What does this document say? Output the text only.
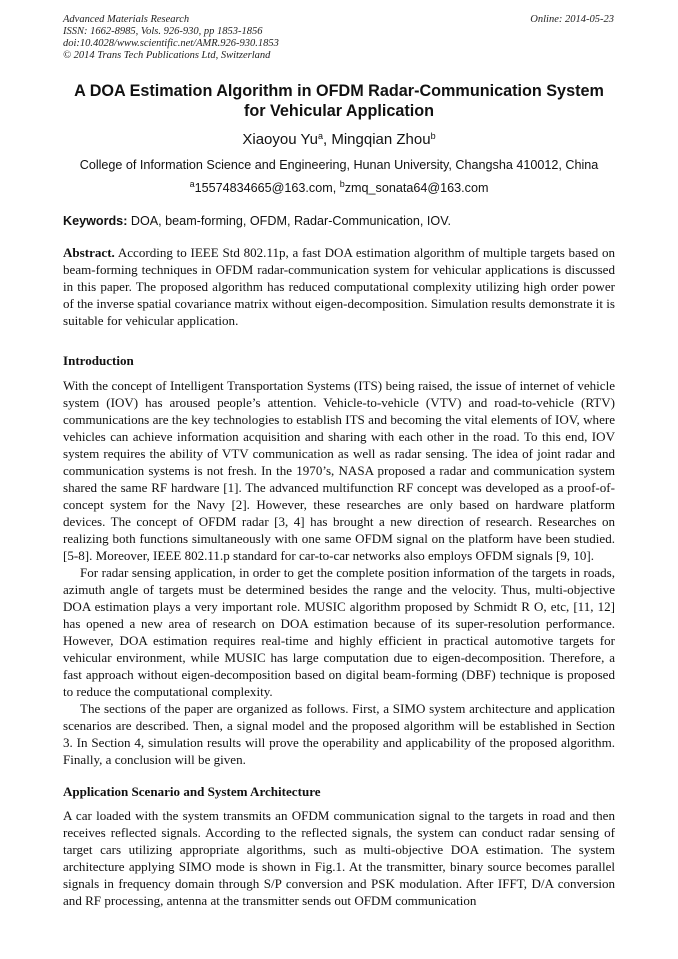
Advanced Materials Research
ISSN: 1662-8985, Vols. 926-930, pp 1853-1856
doi:10.4028/www.scientific.net/AMR.926-930.1853
© 2014 Trans Tech Publications Ltd, Switzerland
Online: 2014-05-23
A DOA Estimation Algorithm in OFDM Radar-Communication System for Vehicular Application
Xiaoyou Yu$^a$, Mingqian Zhou$^b$
College of Information Science and Engineering, Hunan University, Changsha 410012, China
$^a$15574834665@163.com, $^b$zmq_sonata64@163.com
Keywords: DOA, beam-forming, OFDM, Radar-Communication, IOV.

Abstract. According to IEEE Std 802.11p, a fast DOA estimation algorithm of multiple targets based on beam-forming techniques in OFDM radar-communication system for vehicular applications is discussed in this paper. The proposed algorithm has reduced computational complexity utilizing high order power of the inverse spatial covariance matrix without eigen-decomposition. Simulation results demonstrate it is suitable for vehicular application.

Introduction

With the concept of Intelligent Transportation Systems (ITS) being raised, the issue of internet of vehicle system (IOV) has aroused people’s attention. Vehicle-to-vehicle (VTV) and road-to-vehicle (RTV) communications are the key technologies to establish ITS and becoming the vital elements of IOV, where vehicles can achieve information acquisition and sharing with each other in the road. To this end, IOV system requires the ability of VTV communication as well as radar sensing. The idea of joint radar and communication systems is not fresh. In the 1970’s, NASA proposed a radar and communication system shared the same RF hardware [1]. The advanced multifunction RF concept was developed as a proof-of-concept system for the Navy [2]. However, these researches are only based on hardware platform devices. The concept of OFDM radar [3, 4] has brought a new direction of research. Researches on realizing both functions simultaneously with one same OFDM signal on the platform have been studied. [5-8]. Moreover, IEEE 802.11.p standard for car-to-car networks also employs OFDM signals [9, 10].

For radar sensing application, in order to get the complete position information of the targets in roads, azimuth angle of targets must be determined besides the range and the velocity. Thus, multi-objective DOA estimation plays a very important role. MUSIC algorithm proposed by Schmidt R O, etc, [11, 12] has opened a new area of research on DOA estimation because of its super-resolution performance. However, DOA estimation requires real-time and highly efficient in practical automotive targets for vehicular environment, while MUSIC has large computation due to eigen-decomposition. Therefore, a fast approach without eigen-decomposition based on digital beam-forming (DBF) technique is proposed to reduce the computational complexity.

The sections of the paper are organized as follows. First, a SIMO system architecture and application scenarios are described. Then, a signal model and the proposed algorithm will be established in Section 3. In Section 4, simulation results will prove the operability and applicability of the proposed algorithm. Finally, a conclusion will be given.

Application Scenario and System Architecture

A car loaded with the system transmits an OFDM communication signal to the targets in road and then receives reflected signals. According to the reflected signals, the system can conduct radar sensing of target cars utilizing appropriate algorithms, such as multi-objective DOA estimation. The system architecture applying SIMO mode is shown in Fig.1. At the transmitter, binary source becomes parallel signals in frequency domain through S/P conversion and PSK modulation. After IFFT, D/A conversion and RF processing, antenna at the transmitter sends out OFDM communication
